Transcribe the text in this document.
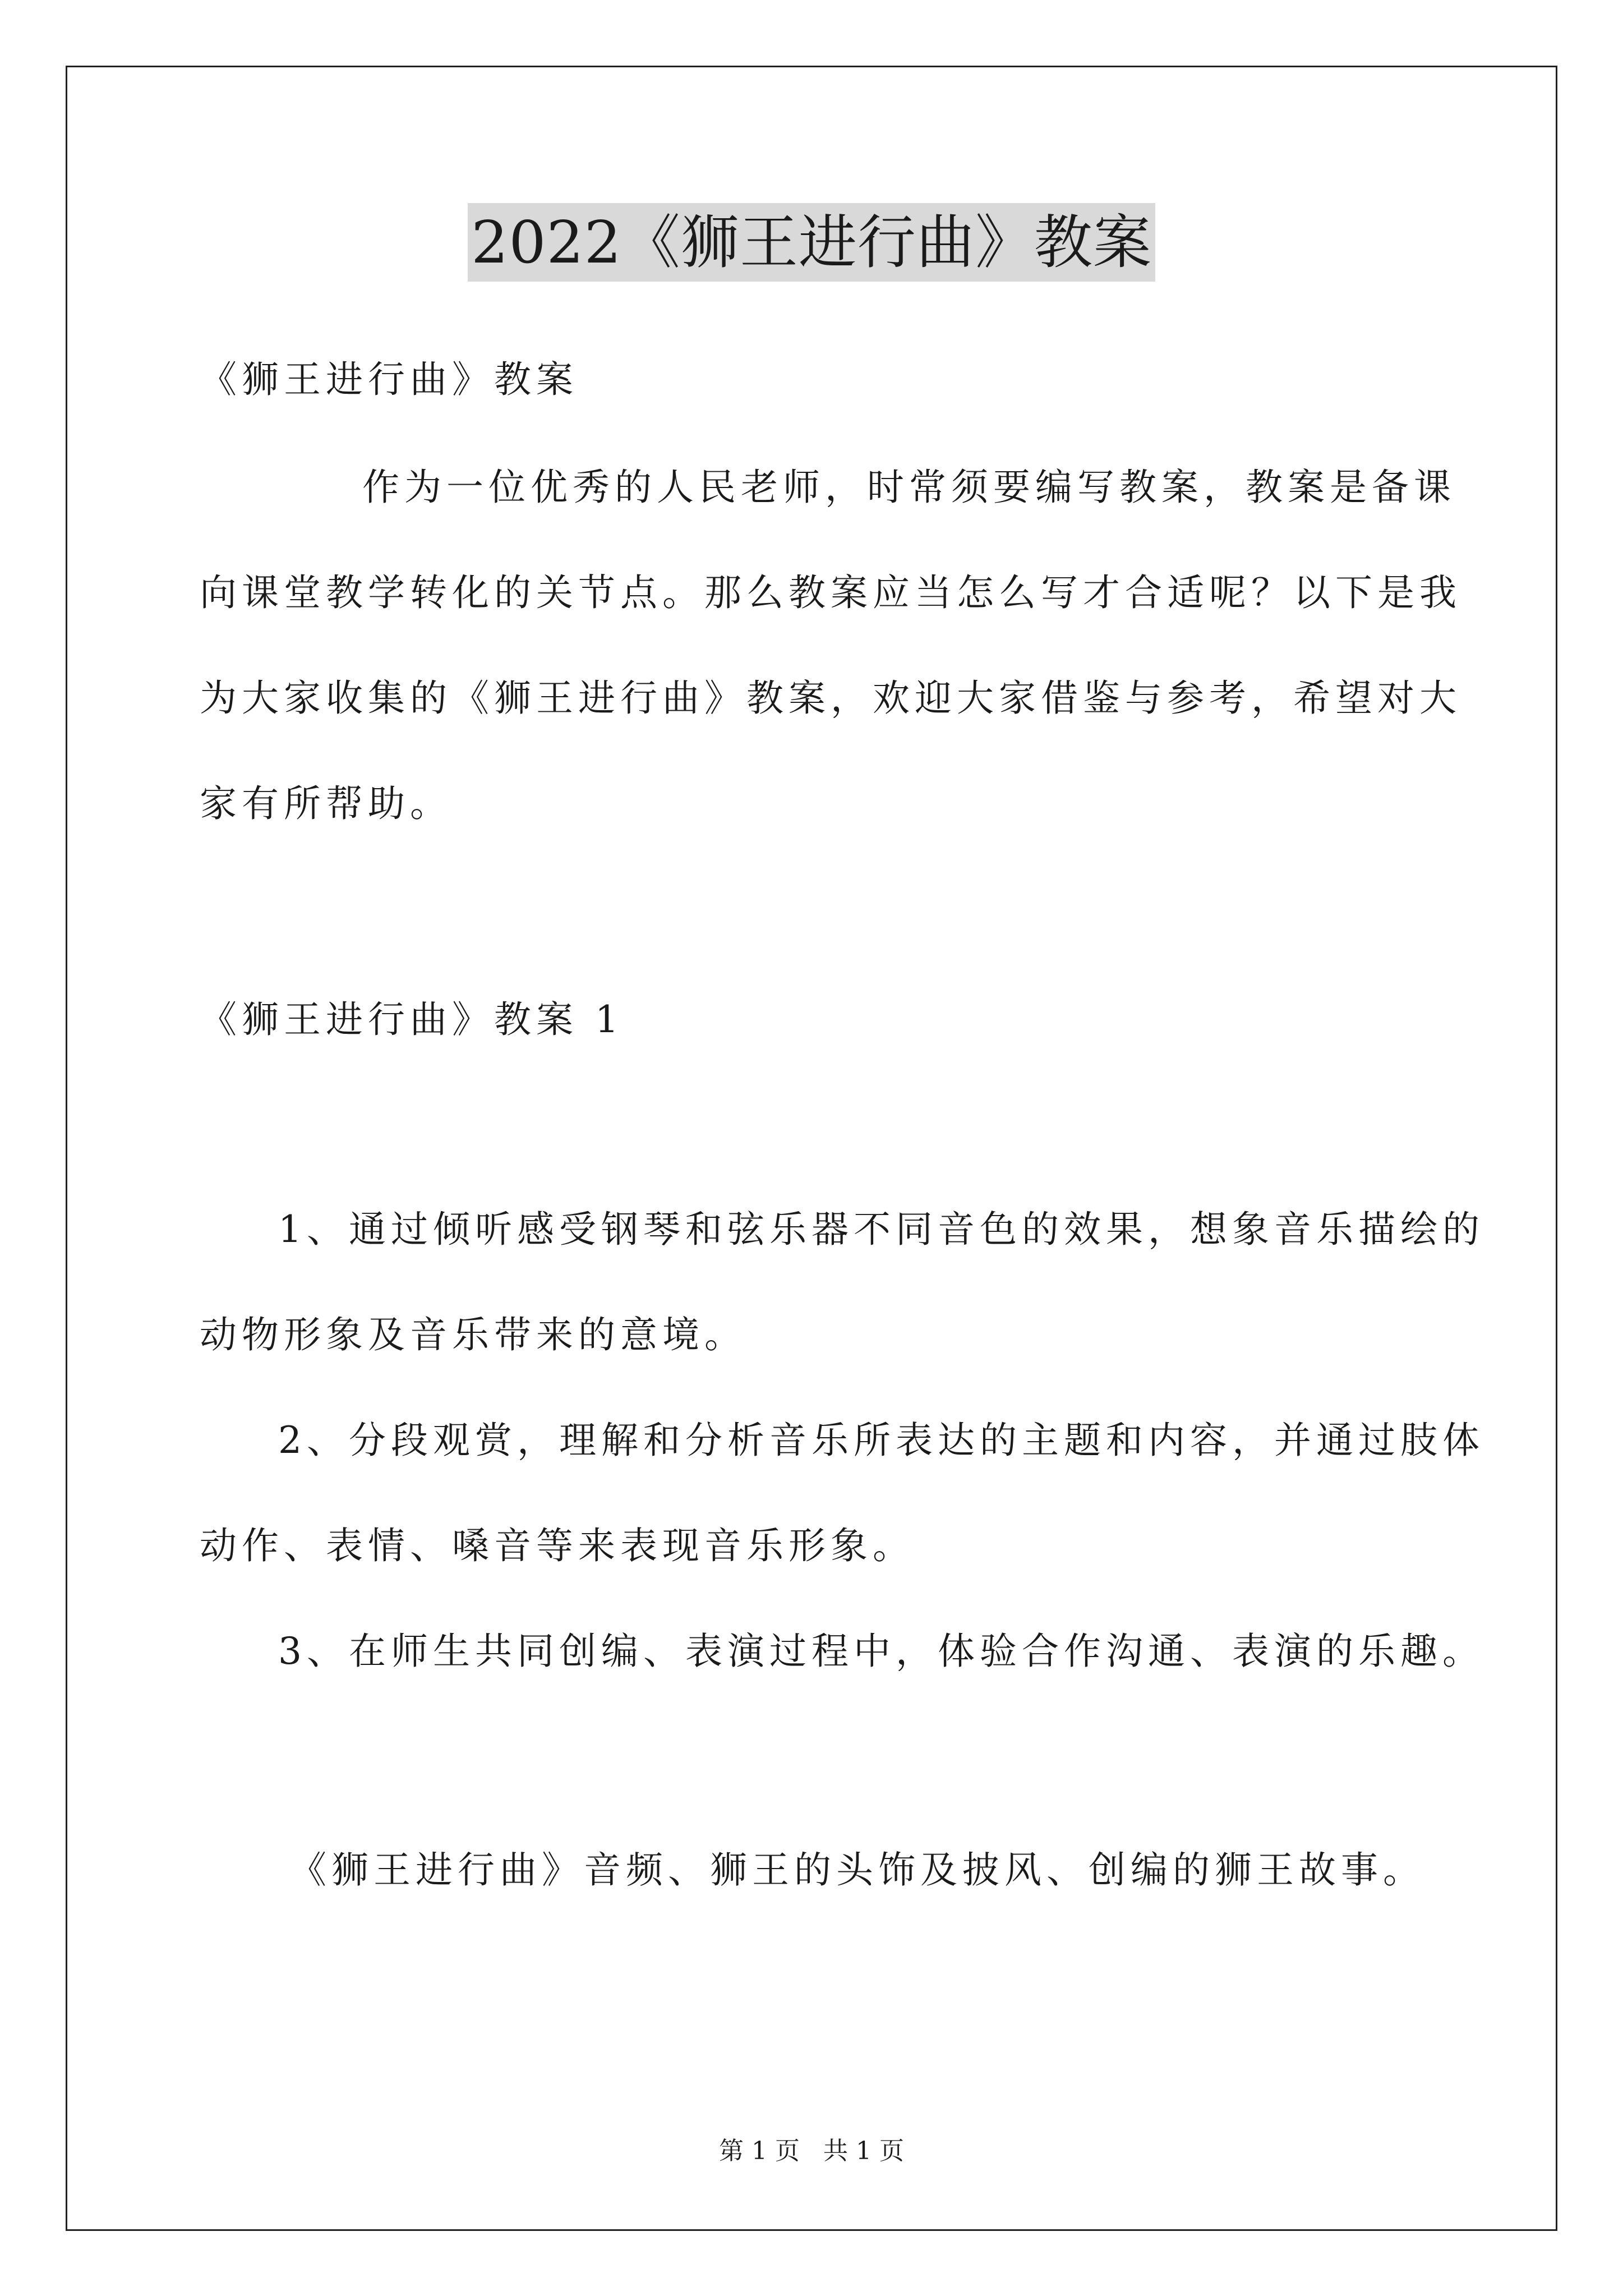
2022《狮王进行曲》教案
《狮王进行曲》教案
作为一位优秀的人民老师，时常须要编写教案，教案是备课
向课堂教学转化的关节点。那么教案应当怎么写才合适呢？以下是我
为大家收集的《狮王进行曲》教案，欢迎大家借鉴与参考，希望对大
家有所帮助。
《狮王进行曲》教案 1
1、通过倾听感受钢琴和弦乐器不同音色的效果，想象音乐描绘的
动物形象及音乐带来的意境。
2、分段观赏，理解和分析音乐所表达的主题和内容，并通过肢体
动作、表情、嗓音等来表现音乐形象。
3、在师生共同创编、表演过程中，体验合作沟通、表演的乐趣。
《狮王进行曲》音频、狮王的头饰及披风、创编的狮王故事。
第 1 页 共 1 页
